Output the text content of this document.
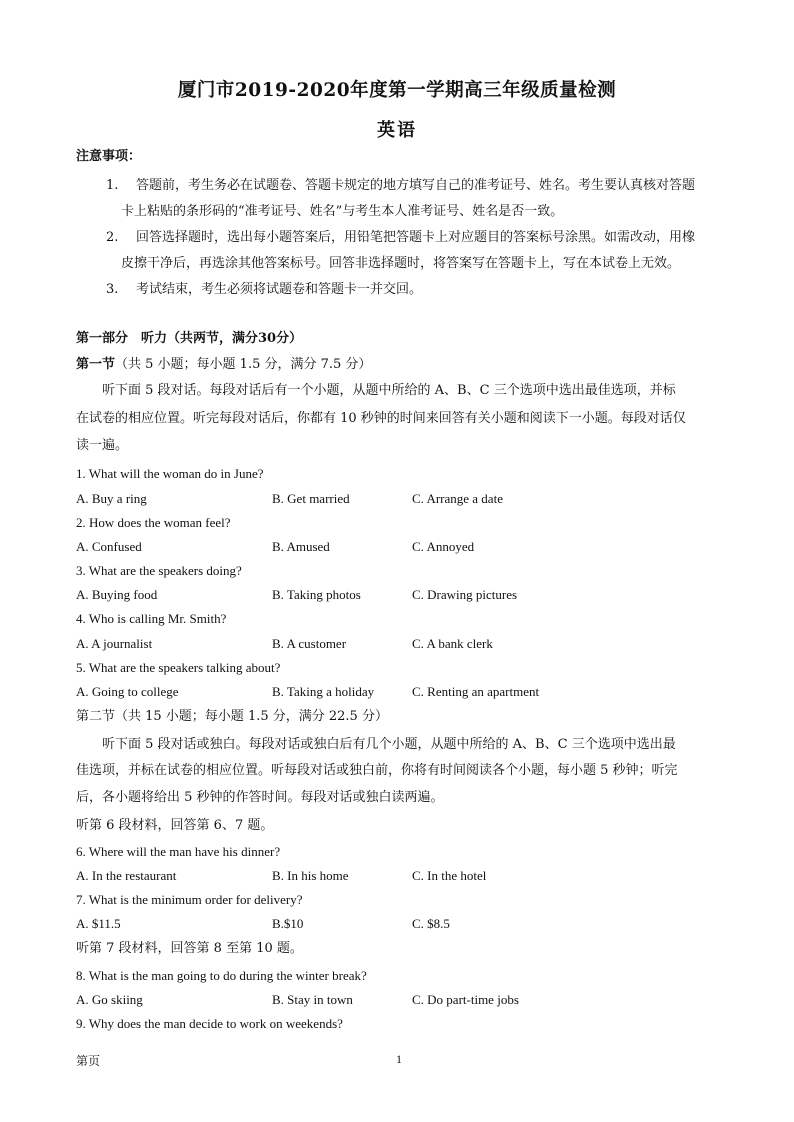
厦门市2019-2020年度第一学期高三年级质量检测
英语
注意事项：
1. 答题前，考生务必在试题卷、答题卡规定的地方填写自己的准考证号、姓名。考生要认真核对答题
卡上粘贴的条形码的“准考证号、姓名”与考生本人准考证号、姓名是否一致。
2. 回答选择题时，选出每小题答案后，用铅笔把答题卡上对应题目的答案标号涂黑。如需改动，用橡
皮擦干净后，再选涂其他答案标号。回答非选择题时，将答案写在答题卡上，写在本试卷上无效。
3. 考试结束，考生必须将试题卷和答题卡一并交回。
第一部分　听力（共两节，满分30分）
第一节（共 5 小题；每小题 1.5 分，满分 7.5 分）
听下面 5 段对话。每段对话后有一个小题，从题中所给的 A、B、C 三个选项中选出最佳选项，并标
在试卷的相应位置。听完每段对话后，你都有 10 秒钟的时间来回答有关小题和阅读下一小题。每段对话仅
读一遍。
1. What will the woman do in June?
A. Buy a ring	B. Get married	C. Arrange a date
2. How does the woman feel?
A. Confused	B. Amused	C. Annoyed
3. What are the speakers doing?
A. Buying food	B. Taking photos	C. Drawing pictures
4. Who is calling Mr. Smith?
A. A journalist	B. A customer	C. A bank clerk
5. What are the speakers talking about?
A. Going to college	B. Taking a holiday	C. Renting an apartment
第二节（共 15 小题；每小题 1.5 分，满分 22.5 分）
听下面 5 段对话或独白。每段对话或独白后有几个小题，从题中所给的 A、B、C 三个选项中选出最
佳选项，并标在试卷的相应位置。听每段对话或独白前，你将有时间阅读各个小题，每小题 5 秒钟；听完
后，各小题将给出 5 秒钟的作答时间。每段对话或独白读两遍。
听第 6 段材料，回答第 6、7 题。
6. Where will the man have his dinner?
A. In the restaurant	B. In his home	C. In the hotel
7. What is the minimum order for delivery?
A. $11.5	B.$10	C. $8.5
听第 7 段材料，回答第 8 至第 10 题。
8. What is the man going to do during the winter break?
A. Go skiing	B. Stay in town	C. Do part-time jobs
9. Why does the man decide to work on weekends?
第页	1
